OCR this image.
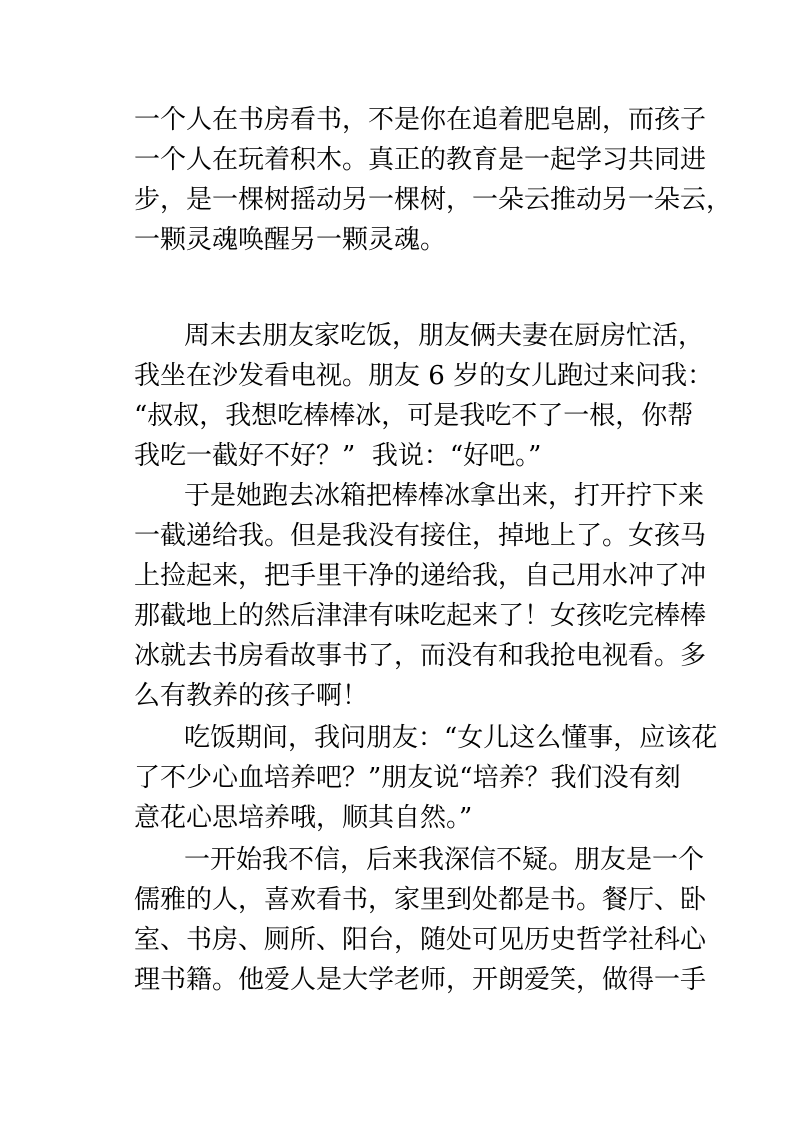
一个人在书房看书，不是你在追着肥皂剧，而孩子
一个人在玩着积木。真正的教育是一起学习共同进
步，是一棵树摇动另一棵树，一朵云推动另一朵云，
一颗灵魂唤醒另一颗灵魂。
周末去朋友家吃饭，朋友俩夫妻在厨房忙活，
我坐在沙发看电视。朋友 6 岁的女儿跑过来问我：
“叔叔，我想吃棒棒冰，可是我吃不了一根，你帮
我吃一截好不好？”  我说：“好吧。”
于是她跑去冰箱把棒棒冰拿出来，打开拧下来
一截递给我。但是我没有接住，掉地上了。女孩马
上捡起来，把手里干净的递给我，自己用水冲了冲
那截地上的然后津津有味吃起来了！女孩吃完棒棒
冰就去书房看故事书了，而没有和我抢电视看。多
么有教养的孩子啊！
吃饭期间，我问朋友：“女儿这么懂事，应该花
了不少心血培养吧？”朋友说“培养？我们没有刻
意花心思培养哦，顺其自然。”
一开始我不信，后来我深信不疑。朋友是一个
儒雅的人，喜欢看书，家里到处都是书。餐厅、卧
室、书房、厕所、阳台，随处可见历史哲学社科心
理书籍。他爱人是大学老师，开朗爱笑，做得一手
